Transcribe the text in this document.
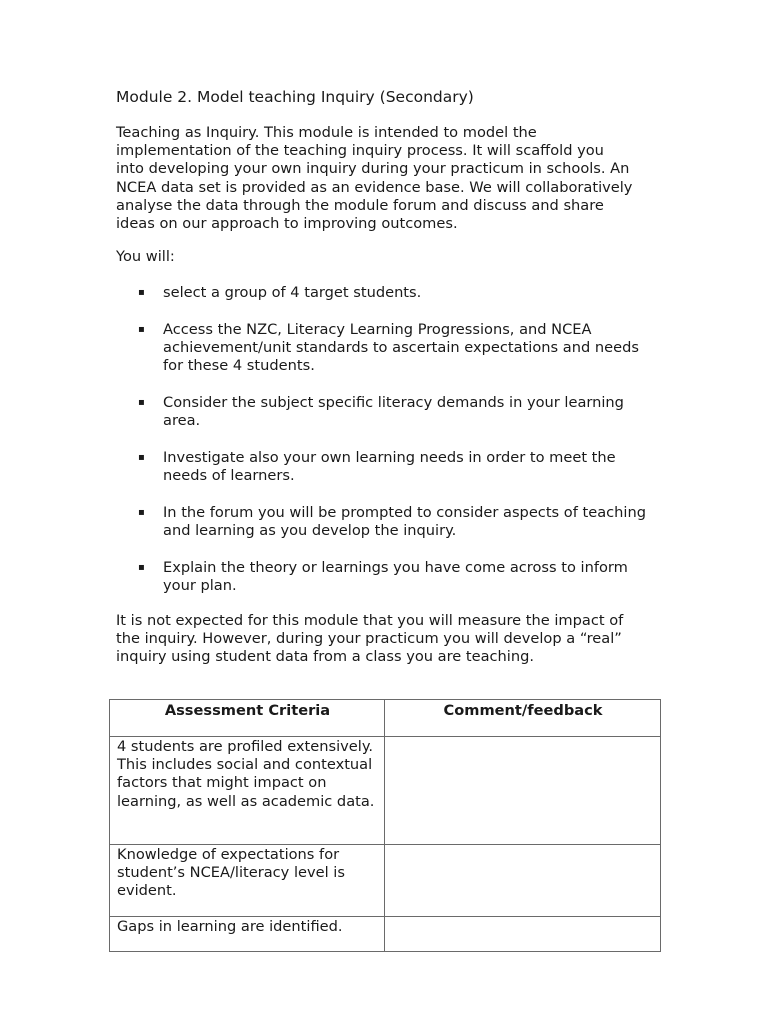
Module 2. Model teaching Inquiry (Secondary)

Teaching as Inquiry. This module is intended to model the implementation of the teaching inquiry process. It will scaffold you into developing your own inquiry during your practicum in schools. An NCEA data set is provided as an evidence base. We will collaboratively analyse the data through the module forum and discuss and share ideas on our approach to improving outcomes.

You will:

▪ select a group of 4 target students.
▪ Access the NZC, Literacy Learning Progressions, and NCEA achievement/unit standards to ascertain expectations and needs for these 4 students.
▪ Consider the subject specific literacy demands in your learning area.
▪ Investigate also your own learning needs in order to meet the needs of learners.
▪ In the forum you will be prompted to consider aspects of teaching and learning as you develop the inquiry.
▪ Explain the theory or learnings you have come across to inform your plan.

It is not expected for this module that you will measure the impact of the inquiry. However, during your practicum you will develop a “real” inquiry using student data from a class you are teaching.

Assessment Criteria	Comment/feedback
4 students are profiled extensively. This includes social and contextual factors that might impact on learning, as well as academic data.	
Knowledge of expectations for student’s NCEA/literacy level is evident.	
Gaps in learning are identified.	
